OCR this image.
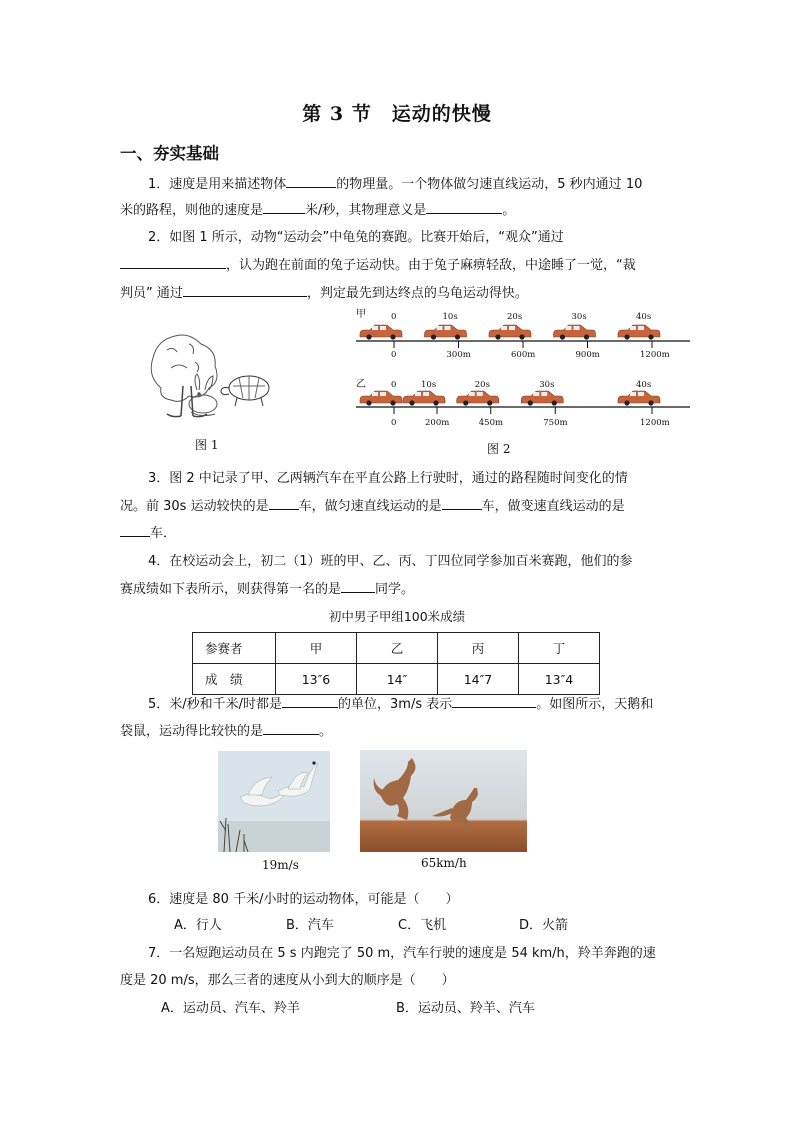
第 3 节　运动的快慢
一、夯实基础
1．速度是用来描述物体	的物理量。一个物体做匀速直线运动，5 秒内通过 10
米的路程，则他的速度是	米/秒，其物理意义是	。
2．如图 1 所示，动物“运动会”中龟兔的赛跑。比赛开始后，“观众”通过
，认为跑在前面的兔子运动快。由于兔子麻痹轻敌，中途睡了一觉，“裁
判员” 通过	，判定最先到达终点的乌龟运动得快。
图 1
甲
乙
0
0
10s
300m
20s
600m
30s
900m
40s
1200m
0
0
10s
200m
20s
450m
30s
750m
40s
1200m
图 2
3．图 2 中记录了甲、乙两辆汽车在平直公路上行驶时，通过的路程随时间变化的情
况。前 30s 运动较快的是 车，做匀速直线运动的是	车，做变速直线运动的是
车．
4．在校运动会上，初二（1）班的甲、乙、丙、丁四位同学参加百米赛跑，他们的参
赛成绩如下表所示，则获得第一名的是	同学。
初中男子甲组100米成绩
参赛者	甲	乙	丙	丁
成　绩	13″6	14″	14″7	13″4
5．米/秒和千米/时都是	的单位，3m/s 表示	。如图所示，天鹅和
袋鼠，运动得比较快的是	。
19m/s	65km/h
6．速度是 80 千米/小时的运动物体，可能是（　　）
A．行人	B．汽车	C．飞机	D．火箭
7．一名短跑运动员在 5 s 内跑完了 50 m，汽车行驶的速度是 54 km/h，羚羊奔跑的速
度是 20 m/s，那么三者的速度从小到大的顺序是（　　）
A．运动员、汽车、羚羊	B．运动员、羚羊、汽车
